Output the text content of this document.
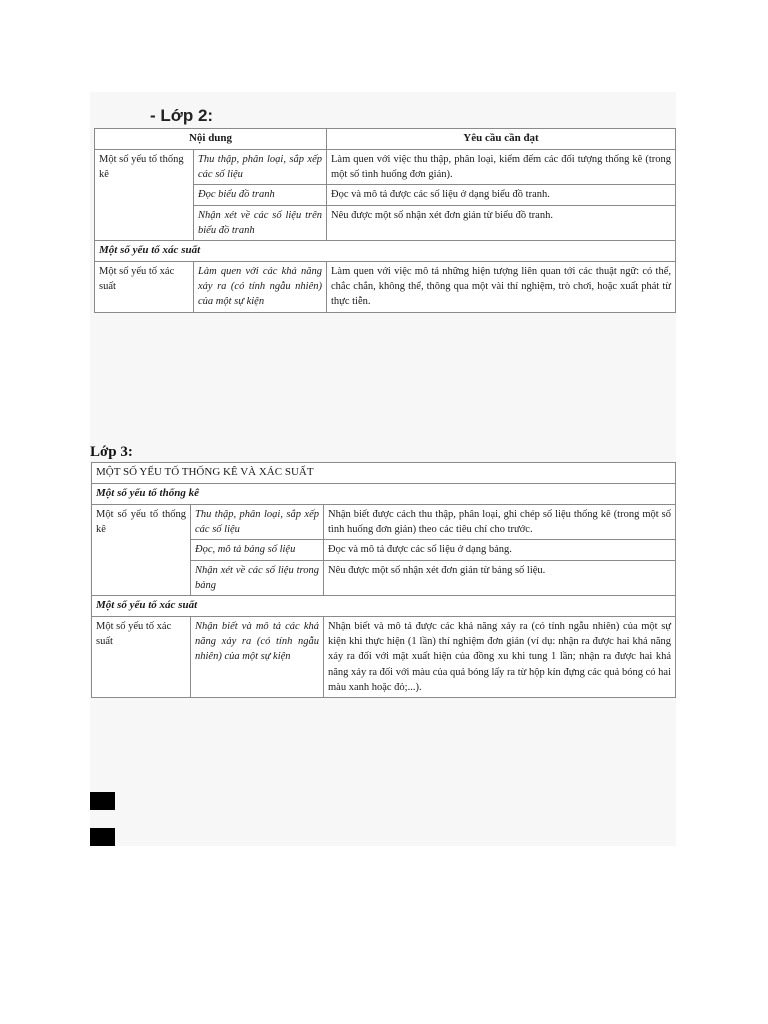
- Lớp 2:
Nội dung		Yêu cầu cần đạt
Một số yếu tố thống kê	Thu thập, phân loại, sắp xếp các số liệu	Làm quen với việc thu thập, phân loại, kiểm đếm các đối tượng thống kê (trong một số tình huống đơn giản).
	Đọc biểu đồ tranh	Đọc và mô tả được các số liệu ở dạng biểu đồ tranh.
	Nhận xét về các số liệu trên biểu đồ tranh	Nêu được một số nhận xét đơn giản từ biểu đồ tranh.
Một số yếu tố xác suất		
Một số yếu tố xác suất	Làm quen với các khả năng xảy ra (có tính ngẫu nhiên) của một sự kiện	Làm quen với việc mô tả những hiện tượng liên quan tới các thuật ngữ: có thể, chắc chắn, không thể, thông qua một vài thí nghiệm, trò chơi, hoặc xuất phát từ thực tiễn.
Lớp 3:
MỘT SỐ YẾU TỐ THỐNG KÊ VÀ XÁC SUẤT		
Một số yếu tố thống kê		
Một số yếu tố thống kê	Thu thập, phân loại, sắp xếp các số liệu	Nhận biết được cách thu thập, phân loại, ghi chép số liệu thống kê (trong một số tình huống đơn giản) theo các tiêu chí cho trước.
	Đọc, mô tả bảng số liệu	Đọc và mô tả được các số liệu ở dạng bảng.
	Nhận xét về các số liệu trong bảng	Nêu được một số nhận xét đơn giản từ bảng số liệu.
Một số yếu tố xác suất		
Một số yếu tố xác suất	Nhận biết và mô tả các khả năng xảy ra (có tính ngẫu nhiên) của một sự kiện	Nhận biết và mô tả được các khả năng xảy ra (có tính ngẫu nhiên) của một sự kiện khi thực hiện (1 lần) thí nghiệm đơn giản (ví dụ: nhận ra được hai khả năng xảy ra đối với mặt xuất hiện của đồng xu khi tung 1 lần; nhận ra được hai khả năng xảy ra đối với màu của quả bóng lấy ra từ hộp kín đựng các quả bóng có hai màu xanh hoặc đỏ;...).
